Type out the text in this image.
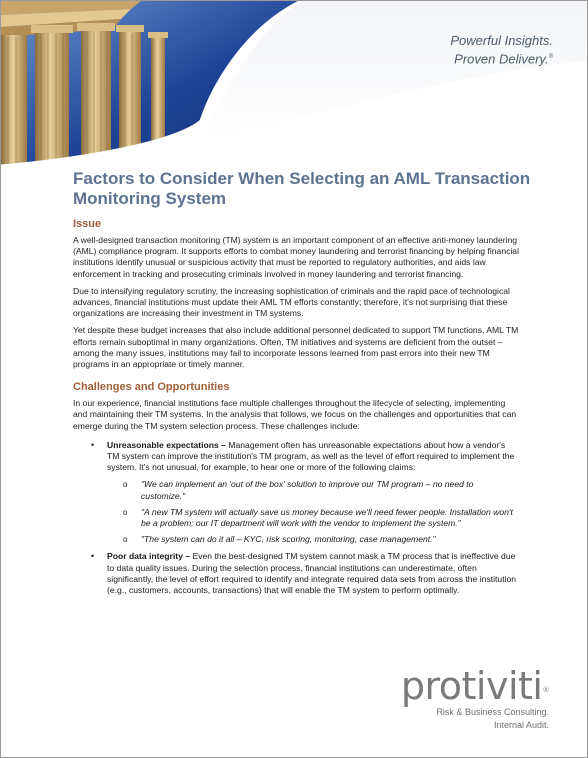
Powerful Insights.
Proven Delivery.®
Factors to Consider When Selecting an AML Transaction Monitoring System
Issue

A well-designed transaction monitoring (TM) system is an important component of an effective anti-money laundering (AML) compliance program. It supports efforts to combat money laundering and terrorist financing by helping financial institutions identify unusual or suspicious activity that must be reported to regulatory authorities, and aids law enforcement in tracking and prosecuting criminals involved in money laundering and terrorist financing.

Due to intensifying regulatory scrutiny, the increasing sophistication of criminals and the rapid pace of technological advances, financial institutions must update their AML TM efforts constantly; therefore, it's not surprising that these organizations are increasing their investment in TM systems.

Yet despite these budget increases that also include additional personnel dedicated to support TM functions, AML TM efforts remain suboptimal in many organizations. Often, TM initiatives and systems are deficient from the outset – among the many issues, institutions may fail to incorporate lessons learned from past errors into their new TM programs in an appropriate or timely manner.

Challenges and Opportunities

In our experience, financial institutions face multiple challenges throughout the lifecycle of selecting, implementing and maintaining their TM systems. In the analysis that follows, we focus on the challenges and opportunities that can emerge during the TM system selection process. These challenges include:

• Unreasonable expectations – Management often has unreasonable expectations about how a vendor's TM system can improve the institution's TM program, as well as the level of effort required to implement the system. It's not unusual, for example, to hear one or more of the following claims:
o "We can implement an 'out of the box' solution to improve our TM program – no need to customize."
o "A new TM system will actually save us money because we'll need fewer people. Installation won't be a problem; our IT department will work with the vendor to implement the system."
o "The system can do it all – KYC, risk scoring, monitoring, case management."
• Poor data integrity – Even the best-designed TM system cannot mask a TM process that is ineffective due to data quality issues. During the selection process, financial institutions can underestimate, often significantly, the level of effort required to identify and integrate required data sets from across the institution (e.g., customers, accounts, transactions) that will enable the TM system to perform optimally.
protiviti®
Risk & Business Consulting.
Internal Audit.
